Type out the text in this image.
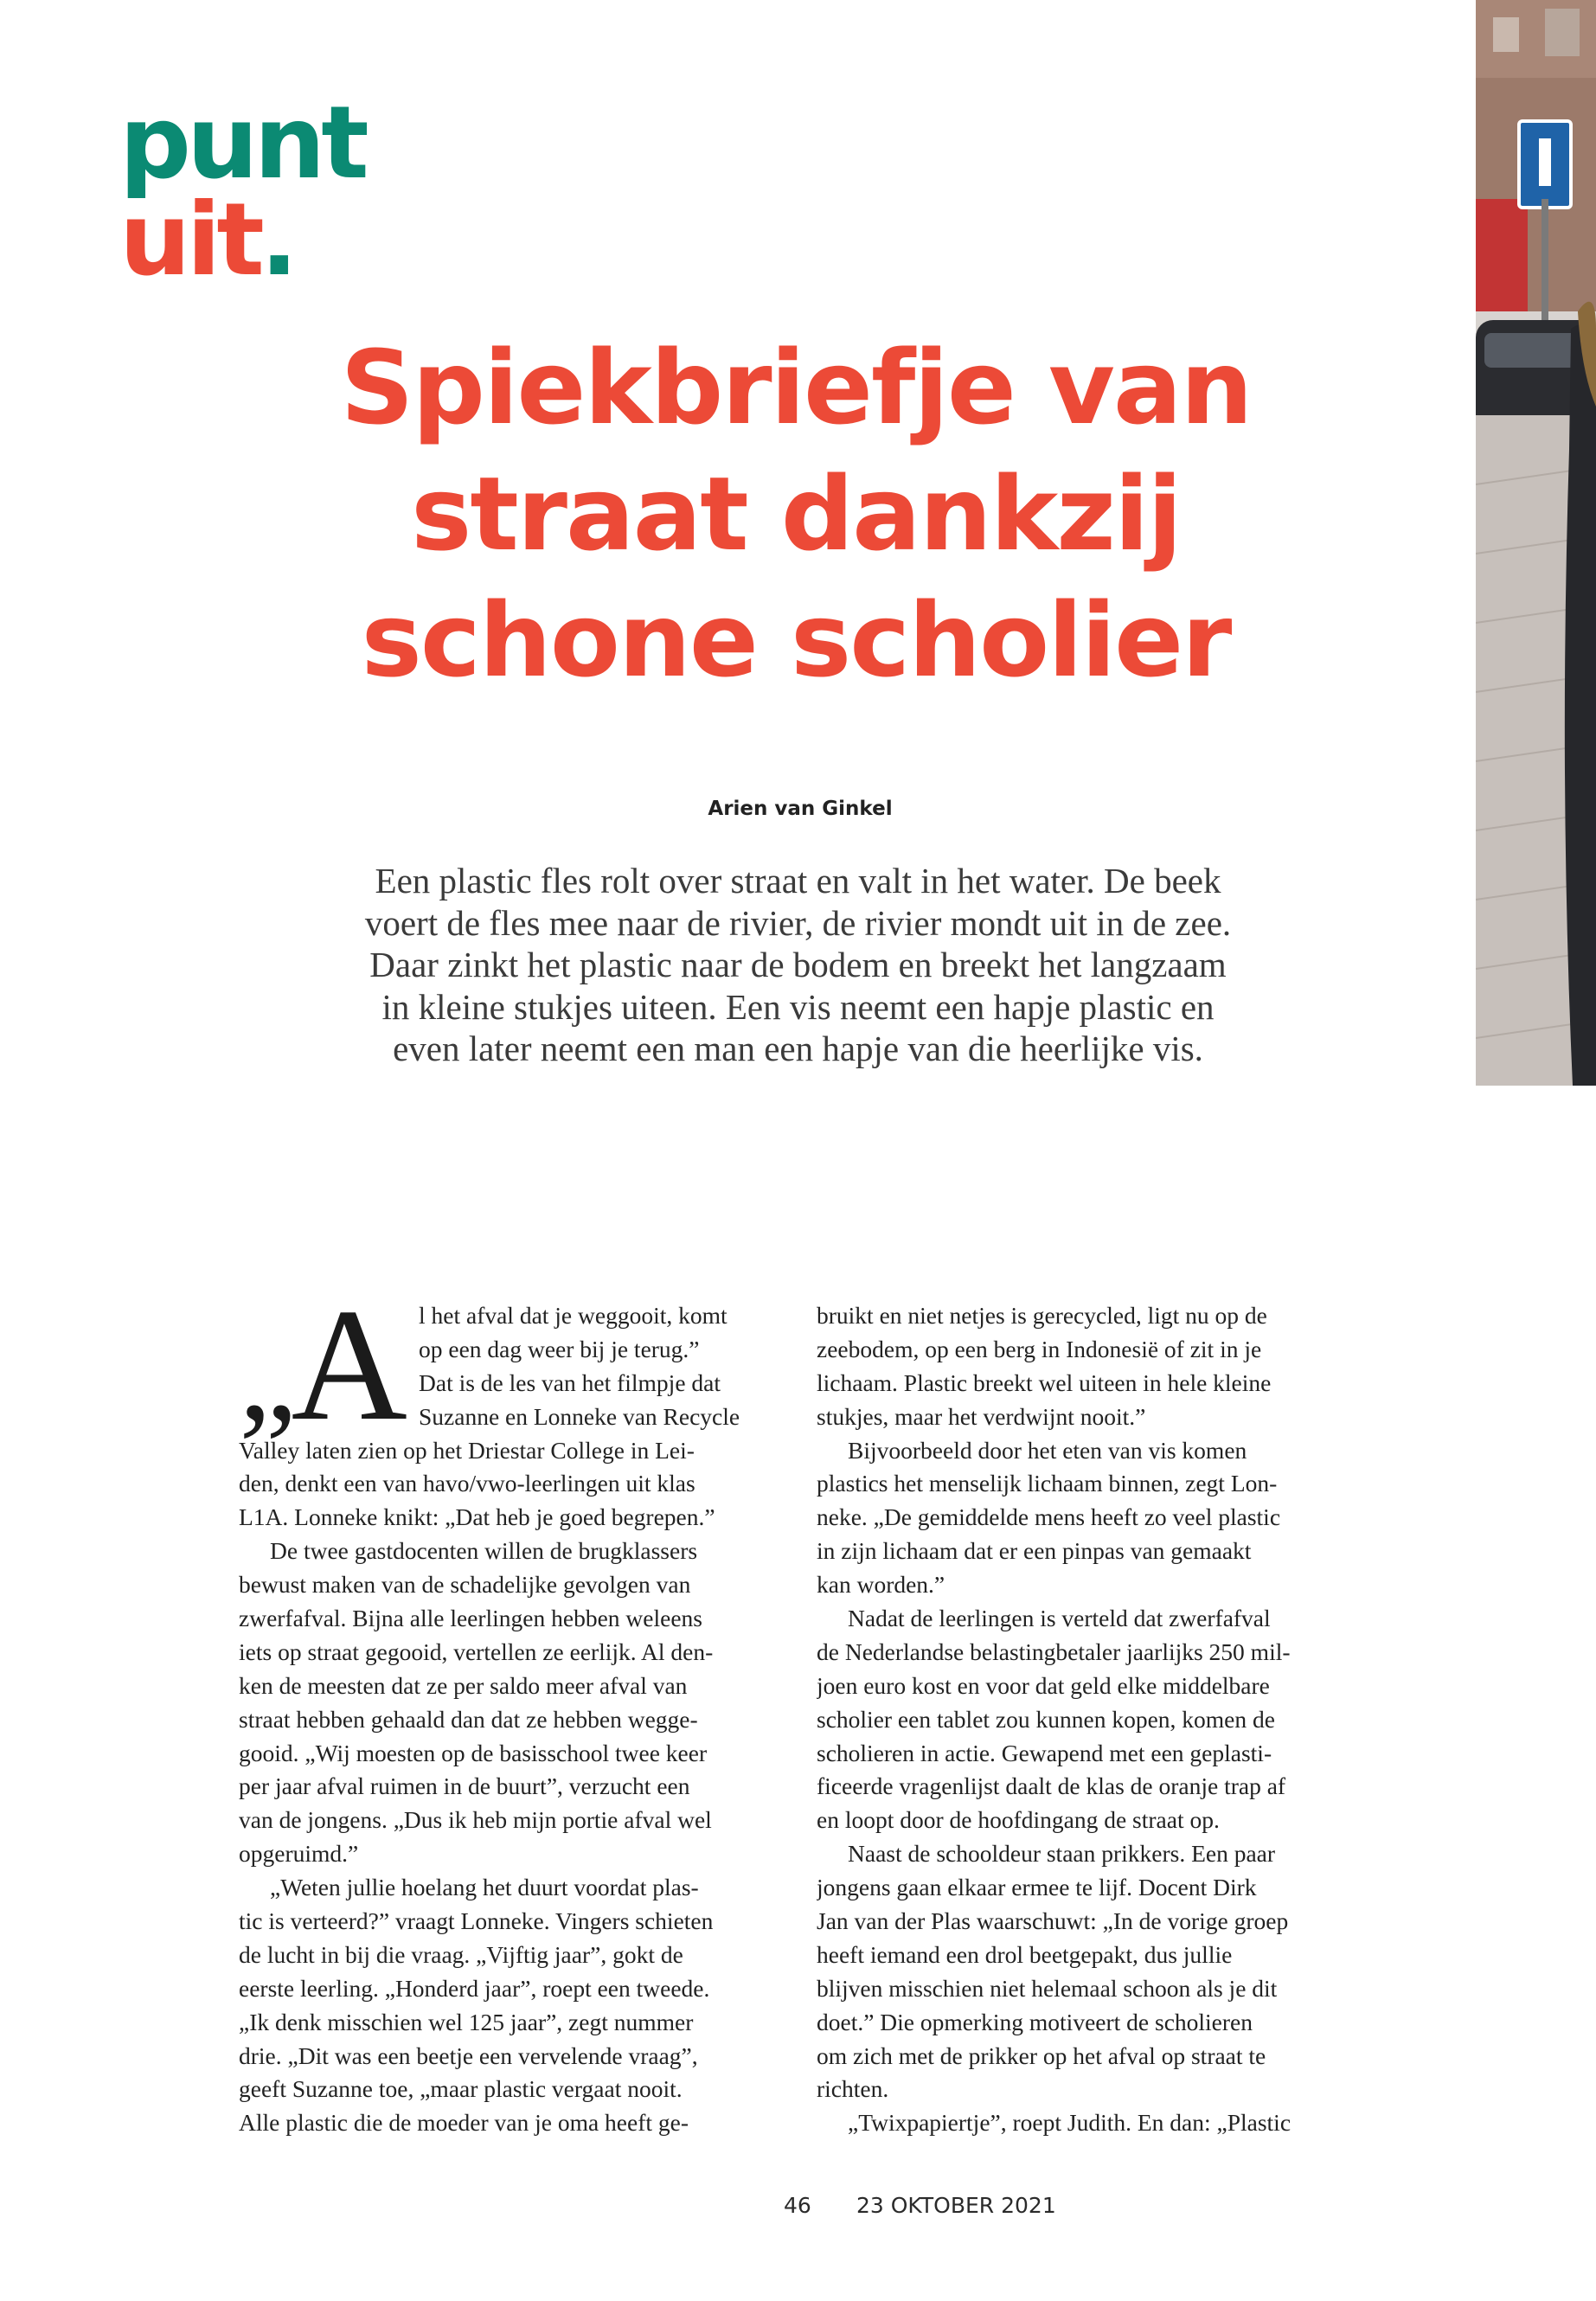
punt
uit.
Spiekbriefje van
straat dankzij
schone scholier
Arien van Ginkel

Een plastic fles rolt over straat en valt in het water. De beek
voert de fles mee naar de rivier, de rivier mondt uit in de zee.
Daar zinkt het plastic naar de bodem en breekt het langzaam
in kleine stukjes uiteen. Een vis neemt een hapje plastic en
even later neemt een man een hapje van die heerlijke vis.

„A l het afval dat je weggooit, komt
op een dag weer bij je terug.”
Dat is de les van het filmpje dat
Suzanne en Lonneke van Recycle
Valley laten zien op het Driestar College in Lei-
den, denkt een van havo/vwo-leerlingen uit klas
L1A. Lonneke knikt: „Dat heb je goed begrepen.”
De twee gastdocenten willen de brugklassers
bewust maken van de schadelijke gevolgen van
zwerfafval. Bijna alle leerlingen hebben weleens
iets op straat gegooid, vertellen ze eerlijk. Al den-
ken de meesten dat ze per saldo meer afval van
straat hebben gehaald dan dat ze hebben wegge-
gooid. „Wij moesten op de basisschool twee keer
per jaar afval ruimen in de buurt”, verzucht een
van de jongens. „Dus ik heb mijn portie afval wel
opgeruimd.”
„Weten jullie hoelang het duurt voordat plas-
tic is verteerd?” vraagt Lonneke. Vingers schieten
de lucht in bij die vraag. „Vijftig jaar”, gokt de
eerste leerling. „Honderd jaar”, roept een tweede.
„Ik denk misschien wel 125 jaar”, zegt nummer
drie. „Dit was een beetje een vervelende vraag”,
geeft Suzanne toe, „maar plastic vergaat nooit.
Alle plastic die de moeder van je oma heeft ge-
bruikt en niet netjes is gerecycled, ligt nu op de
zeebodem, op een berg in Indonesië of zit in je
lichaam. Plastic breekt wel uiteen in hele kleine
stukjes, maar het verdwijnt nooit.”
Bijvoorbeeld door het eten van vis komen
plastics het menselijk lichaam binnen, zegt Lon-
neke. „De gemiddelde mens heeft zo veel plastic
in zijn lichaam dat er een pinpas van gemaakt
kan worden.”
Nadat de leerlingen is verteld dat zwerfafval
de Nederlandse belastingbetaler jaarlijks 250 mil-
joen euro kost en voor dat geld elke middelbare
scholier een tablet zou kunnen kopen, komen de
scholieren in actie. Gewapend met een geplasti-
ficeerde vragenlijst daalt de klas de oranje trap af
en loopt door de hoofdingang de straat op.
Naast de schooldeur staan prikkers. Een paar
jongens gaan elkaar ermee te lijf. Docent Dirk
Jan van der Plas waarschuwt: „In de vorige groep
heeft iemand een drol beetgepakt, dus jullie
blijven misschien niet helemaal schoon als je dit
doet.” Die opmerking motiveert de scholieren
om zich met de prikker op het afval op straat te
richten.
„Twixpapiertje”, roept Judith. En dan: „Plastic
46 23 OKTOBER 2021
